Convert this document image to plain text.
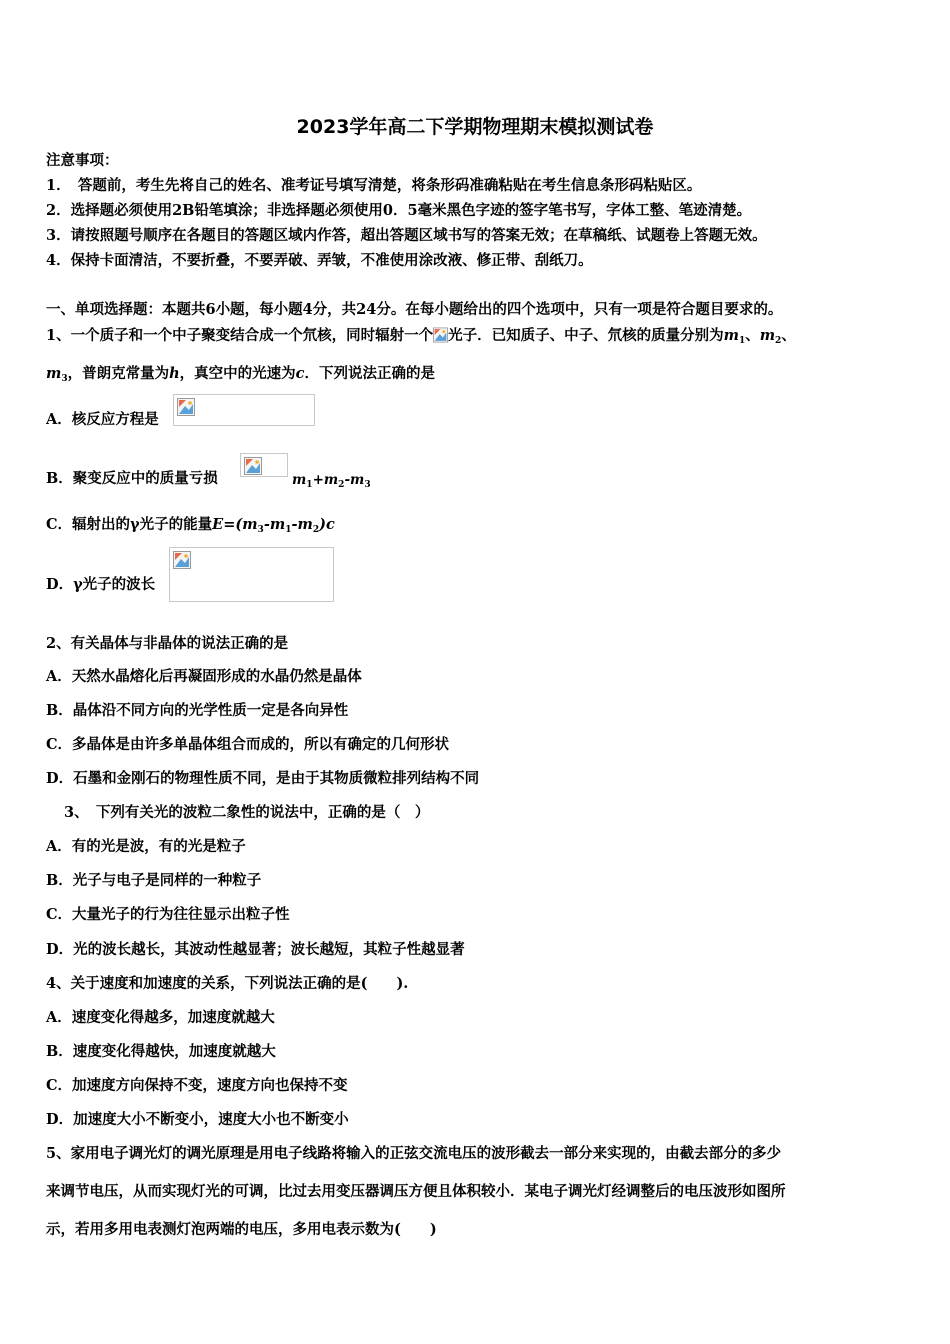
2023学年高二下学期物理期末模拟测试卷
注意事项：
1．　答题前，考生先将自己的姓名、准考证号填写清楚，将条形码准确粘贴在考生信息条形码粘贴区。
2．选择题必须使用2B铅笔填涂；非选择题必须使用0．5毫米黑色字迹的签字笔书写，字体工整、笔迹清楚。
3．请按照题号顺序在各题目的答题区域内作答，超出答题区域书写的答案无效；在草稿纸、试题卷上答题无效。
4．保持卡面清洁，不要折叠，不要弄破、弄皱，不准使用涂改液、修正带、刮纸刀。
一、单项选择题：本题共6小题，每小题4分，共24分。在每小题给出的四个选项中，只有一项是符合题目要求的。
1、一个质子和一个中子聚变结合成一个氘核，同时辐射一个 光子．已知质子、中子、氘核的质量分别为$m_1$、$m_2$、
$m_3$，普朗克常量为h，真空中的光速为c．下列说法正确的是
A．核反应方程是
B．聚变反应中的质量亏损	$m_1+m_2-m_3$
C．辐射出的γ光子的能量$E=(m_3-m_1-m_2)c$
D．γ光子的波长
2、有关晶体与非晶体的说法正确的是
A．天然水晶熔化后再凝固形成的水晶仍然是晶体
B．晶体沿不同方向的光学性质一定是各向异性
C．多晶体是由许多单晶体组合而成的，所以有确定的几何形状
D．石墨和金刚石的物理性质不同，是由于其物质微粒排列结构不同
3、　下列有关光的波粒二象性的说法中，正确的是（　）
A．有的光是波，有的光是粒子
B．光子与电子是同样的一种粒子
C．大量光子的行为往往显示出粒子性
D．光的波长越长，其波动性越显著；波长越短，其粒子性越显著
4、关于速度和加速度的关系，下列说法正确的是(　　).
A．速度变化得越多，加速度就越大
B．速度变化得越快，加速度就越大
C．加速度方向保持不变，速度方向也保持不变
D．加速度大小不断变小，速度大小也不断变小
5、家用电子调光灯的调光原理是用电子线路将输入的正弦交流电压的波形截去一部分来实现的，由截去部分的多少
来调节电压，从而实现灯光的可调，比过去用变压器调压方便且体积较小．某电子调光灯经调整后的电压波形如图所
示，若用多用电表测灯泡两端的电压，多用电表示数为(　　)
